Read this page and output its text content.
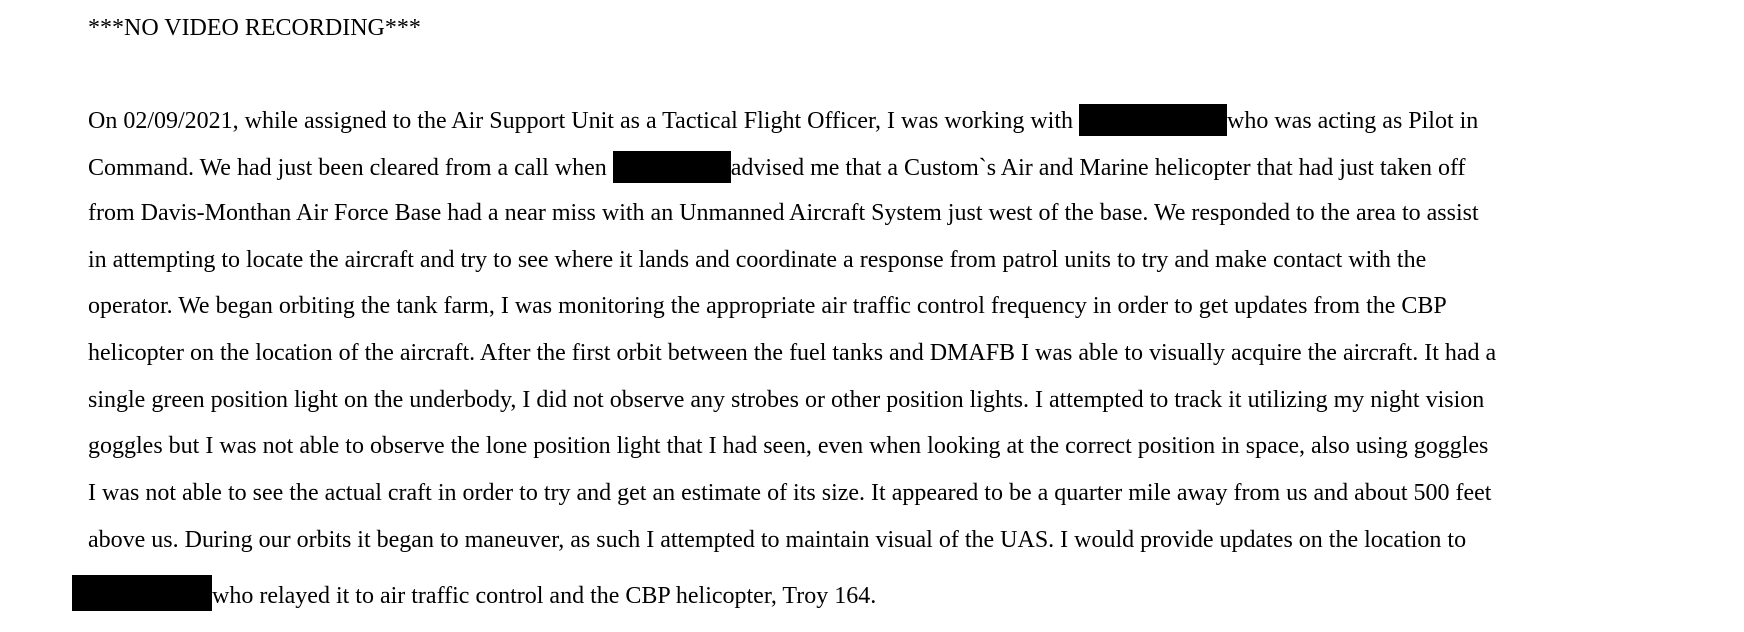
***NO VIDEO RECORDING***
On 02/09/2021, while assigned to the Air Support Unit as a Tactical Flight Officer, I was working with	who was acting as Pilot in
Command. We had just been cleared from a call when	advised me that a Custom`s Air and Marine helicopter that had just taken off
from Davis-Monthan Air Force Base had a near miss with an Unmanned Aircraft System just west of the base. We responded to the area to assist
in attempting to locate the aircraft and try to see where it lands and coordinate a response from patrol units to try and make contact with the
operator. We began orbiting the tank farm, I was monitoring the appropriate air traffic control frequency in order to get updates from the CBP
helicopter on the location of the aircraft. After the first orbit between the fuel tanks and DMAFB I was able to visually acquire the aircraft. It had a
single green position light on the underbody, I did not observe any strobes or other position lights. I attempted to track it utilizing my night vision
goggles but I was not able to observe the lone position light that I had seen, even when looking at the correct position in space, also using goggles
I was not able to see the actual craft in order to try and get an estimate of its size. It appeared to be a quarter mile away from us and about 500 feet
above us. During our orbits it began to maneuver, as such I attempted to maintain visual of the UAS. I would provide updates on the location to
who relayed it to air traffic control and the CBP helicopter, Troy 164.
